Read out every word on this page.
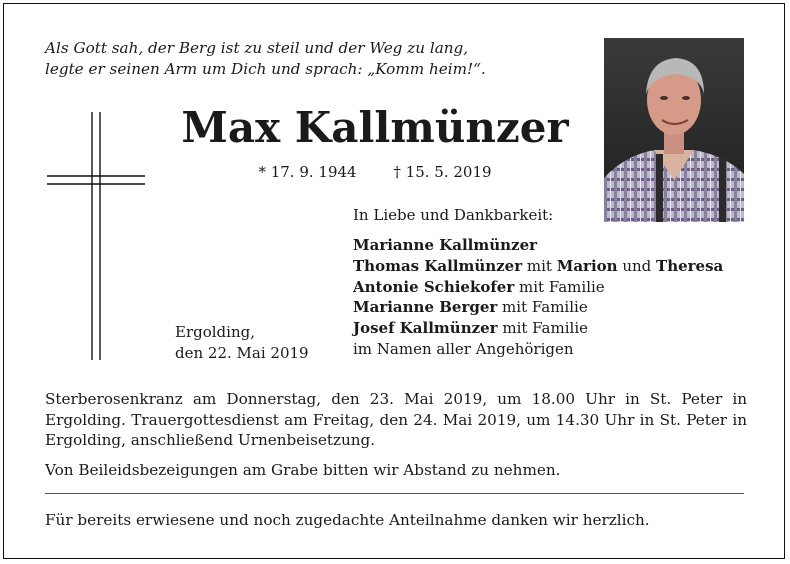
Als Gott sah, der Berg ist zu steil und der Weg zu lang,
legte er seinen Arm um Dich und sprach: „Komm heim!“.
Max Kallmünzer
* 17. 9. 1944 † 15. 5. 2019
In Liebe und Dankbarkeit:
Marianne Kallmünzer
Thomas Kallmünzer mit Marion und Theresa
Antonie Schiekofer mit Familie
Marianne Berger mit Familie
Josef Kallmünzer mit Familie
im Namen aller Angehörigen
Ergolding,
den 22. Mai 2019

Sterberosenkranz am Donnerstag, den 23. Mai 2019, um 18.00 Uhr in St. Peter in Ergolding. Trauergottesdienst am Freitag, den 24. Mai 2019, um 14.30 Uhr in St. Peter in Ergolding, anschließend Urnenbeisetzung.

Von Beileidsbezeigungen am Grabe bitten wir Abstand zu nehmen.

Für bereits erwiesene und noch zugedachte Anteilnahme danken wir herzlich.
